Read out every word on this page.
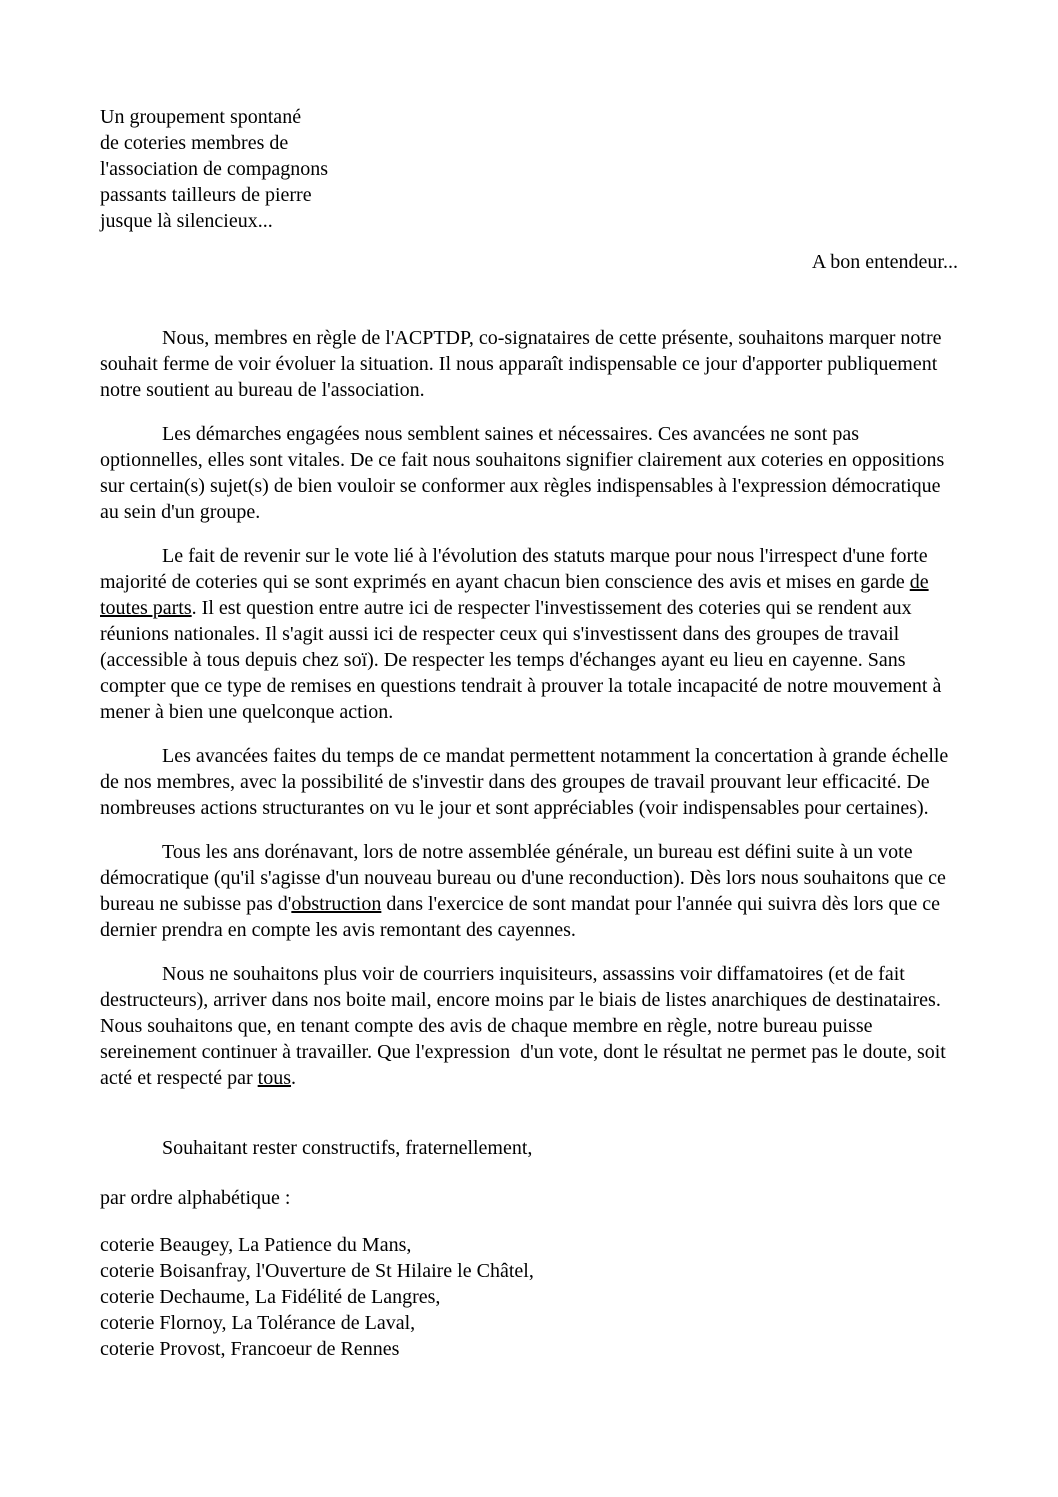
Un groupement spontané
de coteries membres de
l'association de compagnons
passants tailleurs de pierre
jusque là silencieux...
A bon entendeur...

Nous, membres en règle de l'ACPTDP, co-signataires de cette présente, souhaitons marquer notre souhait ferme de voir évoluer la situation. Il nous apparaît indispensable ce jour d'apporter publiquement notre soutient au bureau de l'association.

Les démarches engagées nous semblent saines et nécessaires. Ces avancées ne sont pas optionnelles, elles sont vitales. De ce fait nous souhaitons signifier clairement aux coteries en oppositions sur certain(s) sujet(s) de bien vouloir se conformer aux règles indispensables à l'expression démocratique au sein d'un groupe.

Le fait de revenir sur le vote lié à l'évolution des statuts marque pour nous l'irrespect d'une forte majorité de coteries qui se sont exprimés en ayant chacun bien conscience des avis et mises en garde de toutes parts. Il est question entre autre ici de respecter l'investissement des coteries qui se rendent aux réunions nationales. Il s'agit aussi ici de respecter ceux qui s'investissent dans des groupes de travail (accessible à tous depuis chez soï). De respecter les temps d'échanges ayant eu lieu en cayenne. Sans compter que ce type de remises en questions tendrait à prouver la totale incapacité de notre mouvement à mener à bien une quelconque action.

Les avancées faites du temps de ce mandat permettent notamment la concertation à grande échelle de nos membres, avec la possibilité de s'investir dans des groupes de travail prouvant leur efficacité. De nombreuses actions structurantes on vu le jour et sont appréciables (voir indispensables pour certaines).

Tous les ans dorénavant, lors de notre assemblée générale, un bureau est défini suite à un vote démocratique (qu'il s'agisse d'un nouveau bureau ou d'une reconduction). Dès lors nous souhaitons que ce bureau ne subisse pas d'obstruction dans l'exercice de sont mandat pour l'année qui suivra dès lors que ce dernier prendra en compte les avis remontant des cayennes.

Nous ne souhaitons plus voir de courriers inquisiteurs, assassins voir diffamatoires (et de fait destructeurs), arriver dans nos boite mail, encore moins par le biais de listes anarchiques de destinataires. Nous souhaitons que, en tenant compte des avis de chaque membre en règle, notre bureau puisse sereinement continuer à travailler. Que l'expression  d'un vote, dont le résultat ne permet pas le doute, soit acté et respecté par tous.

Souhaitant rester constructifs, fraternellement,
par ordre alphabétique :
coterie Beaugey, La Patience du Mans,
coterie Boisanfray, l'Ouverture de St Hilaire le Châtel,
coterie Dechaume, La Fidélité de Langres,
coterie Flornoy, La Tolérance de Laval,
coterie Provost, Francoeur de Rennes
